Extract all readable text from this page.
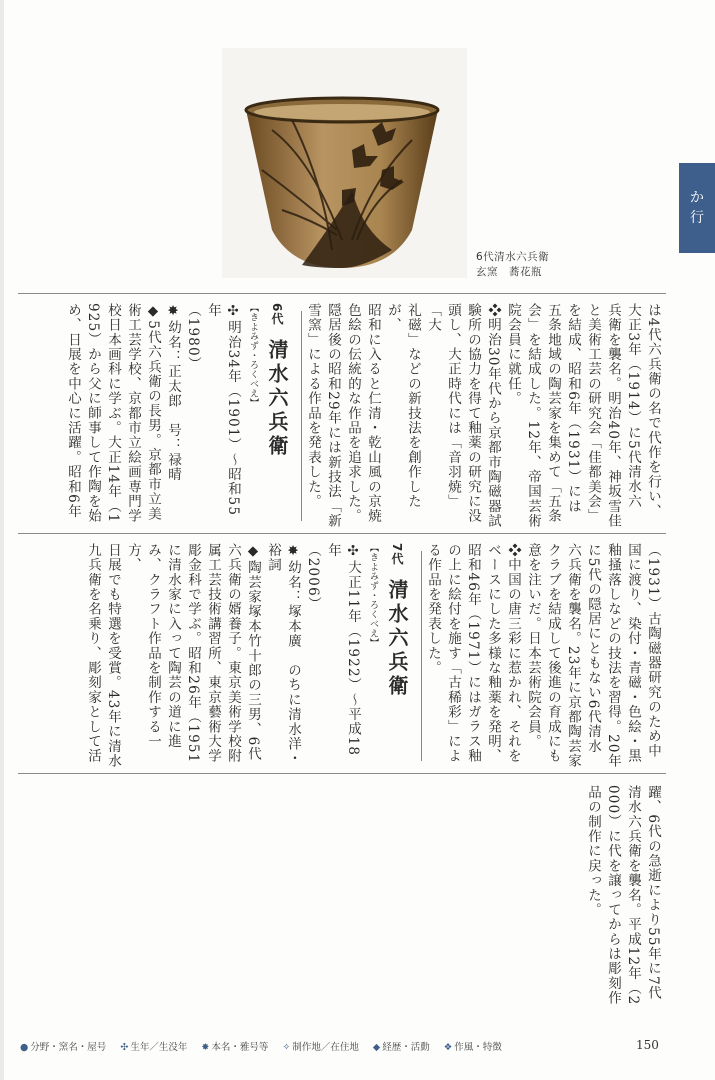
6代清水六兵衛
玄窯　蕎花瓶
か
行

は4代六兵衛の名で代作を行い、

大正3年（1914）に5代清水六

兵衛を襲名。明治40年、神坂雪佳

と美術工芸の研究会「佳都美会」

を結成、昭和6年（1931）には

五条地域の陶芸家を集めて「五条

会」を結成した。12年、帝国芸術

院会員に就任。

❖明治30年代から京都市陶磁器試

験所の協力を得て釉薬の研究に没

頭し、大正時代には「音羽焼」「大

礼磁」などの新技法を創作したが、

昭和に入ると仁清・乾山風の京焼

色絵の伝統的な作品を追求した。

隠居後の昭和29年には新技法「新

雪窯」による作品を発表した。

6代 清水六兵衛

【きよみず・ろくべえ】

✣明治34年（1901）〜昭和55年

（1980）

✸幼名：正太郎　号：禄晴

◆5代六兵衛の長男。京都市立美

術工芸学校、京都市立絵画専門学

校日本画科に学ぶ。大正14年（1

925）から父に師事して作陶を始

め、日展を中心に活躍。昭和6年

（1931）古陶磁器研究のため中

国に渡り、染付・青磁・色絵・黒

釉掻落しなどの技法を習得。20年

に5代の隠居にともない6代清水

六兵衛を襲名。23年に京都陶芸家

クラブを結成して後進の育成にも

意を注いだ。日本芸術院会員。

❖中国の唐三彩に惹かれ、それを

ベースにした多様な釉薬を発明、

昭和46年（1971）にはガラス釉

の上に絵付を施す「古稀彩」によ

る作品を発表した。

7代 清水六兵衛

【きよみず・ろくべえ】

✣大正11年（1922）〜平成18年

（2006）

✸幼名：塚本廣　のちに清水洋・

裕詞

◆陶芸家塚本竹十郎の三男、6代

六兵衛の婿養子。東京美術学校附

属工芸技術講習所、東京藝術大学

彫金科で学ぶ。昭和26年（1951

に清水家に入って陶芸の道に進

み、クラフト作品を制作する一方、

日展でも特選を受賞。43年に清水

九兵衛を名乗り、彫刻家として活

躍、6代の急逝により55年に7代

清水六兵衛を襲名。平成12年（2

000）に代を譲ってからは彫刻作

品の制作に戻った。

● 分野・窯名・屋号 ✣ 生年／生没年 ✸ 本名・雅号等 ✧ 制作地／在住地 ◆ 経歴・活動 ❖ 作風・特徴	150
